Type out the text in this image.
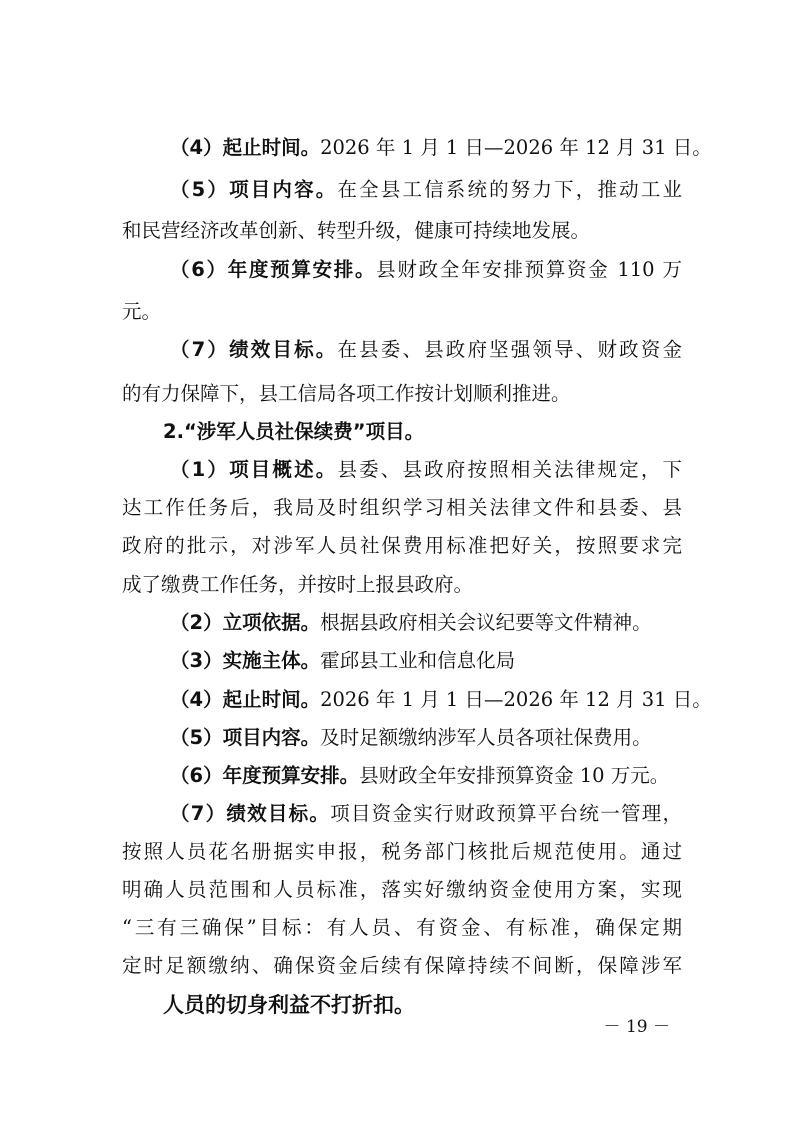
（4）起止时间。2026 年 1 月 1 日—2026 年 12 月 31 日。
（5）项目内容。在全县工信系统的努力下，推动工业
和民营经济改革创新、转型升级，健康可持续地发展。
（6）年度预算安排。县财政全年安排预算资金 110 万
元。
（7）绩效目标。在县委、县政府坚强领导、财政资金
的有力保障下，县工信局各项工作按计划顺利推进。
2.“涉军人员社保续费”项目。
（1）项目概述。县委、县政府按照相关法律规定，下
达工作任务后，我局及时组织学习相关法律文件和县委、县
政府的批示，对涉军人员社保费用标准把好关，按照要求完
成了缴费工作任务，并按时上报县政府。
（2）立项依据。根据县政府相关会议纪要等文件精神。
（3）实施主体。霍邱县工业和信息化局
（4）起止时间。2026 年 1 月 1 日—2026 年 12 月 31 日。
（5）项目内容。及时足额缴纳涉军人员各项社保费用。
（6）年度预算安排。县财政全年安排预算资金 10 万元。
（7）绩效目标。项目资金实行财政预算平台统一管理，
按照人员花名册据实申报，税务部门核批后规范使用。通过
明确人员范围和人员标准，落实好缴纳资金使用方案，实现
“三有三确保”目标：有人员、有资金、有标准，确保定期
定时足额缴纳、确保资金后续有保障持续不间断，保障涉军
人员的切身利益不打折扣。
－ 19 －
